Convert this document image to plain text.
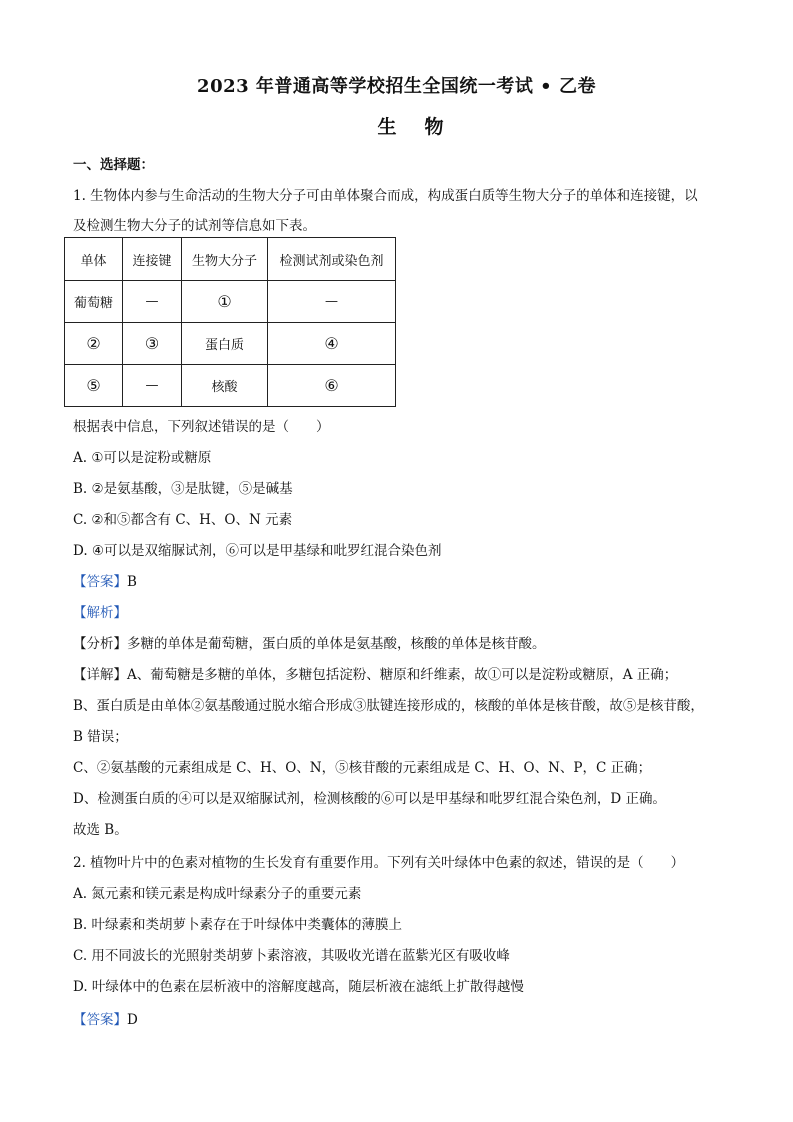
2023 年普通高等学校招生全国统一考试 • 乙卷
生物
一、选择题：
1. 生物体内参与生命活动的生物大分子可由单体聚合而成，构成蛋白质等生物大分子的单体和连接键，以
及检测生物大分子的试剂等信息如下表。
单体	连接键	生物大分子	检测试剂或染色剂
葡萄糖	—	①	—
②	③	蛋白质	④
⑤	—	核酸	⑥
根据表中信息，下列叙述错误的是（　　）
A. ①可以是淀粉或糖原
B. ②是氨基酸，③是肽键，⑤是碱基
C. ②和⑤都含有 C、H、O、N 元素
D. ④可以是双缩脲试剂，⑥可以是甲基绿和吡罗红混合染色剂
【答案】B
【解析】
【分析】多糖的单体是葡萄糖，蛋白质的单体是氨基酸，核酸的单体是核苷酸。
【详解】A、葡萄糖是多糖的单体，多糖包括淀粉、糖原和纤维素，故①可以是淀粉或糖原，A 正确；
B、蛋白质是由单体②氨基酸通过脱水缩合形成③肽键连接形成的，核酸的单体是核苷酸，故⑤是核苷酸，
B 错误；
C、②氨基酸的元素组成是 C、H、O、N，⑤核苷酸的元素组成是 C、H、O、N、P，C 正确；
D、检测蛋白质的④可以是双缩脲试剂，检测核酸的⑥可以是甲基绿和吡罗红混合染色剂，D 正确。
故选 B。
2. 植物叶片中的色素对植物的生长发育有重要作用。下列有关叶绿体中色素的叙述，错误的是（　　）
A. 氮元素和镁元素是构成叶绿素分子的重要元素
B. 叶绿素和类胡萝卜素存在于叶绿体中类囊体的薄膜上
C. 用不同波长的光照射类胡萝卜素溶液，其吸收光谱在蓝紫光区有吸收峰
D. 叶绿体中的色素在层析液中的溶解度越高，随层析液在滤纸上扩散得越慢
【答案】D
